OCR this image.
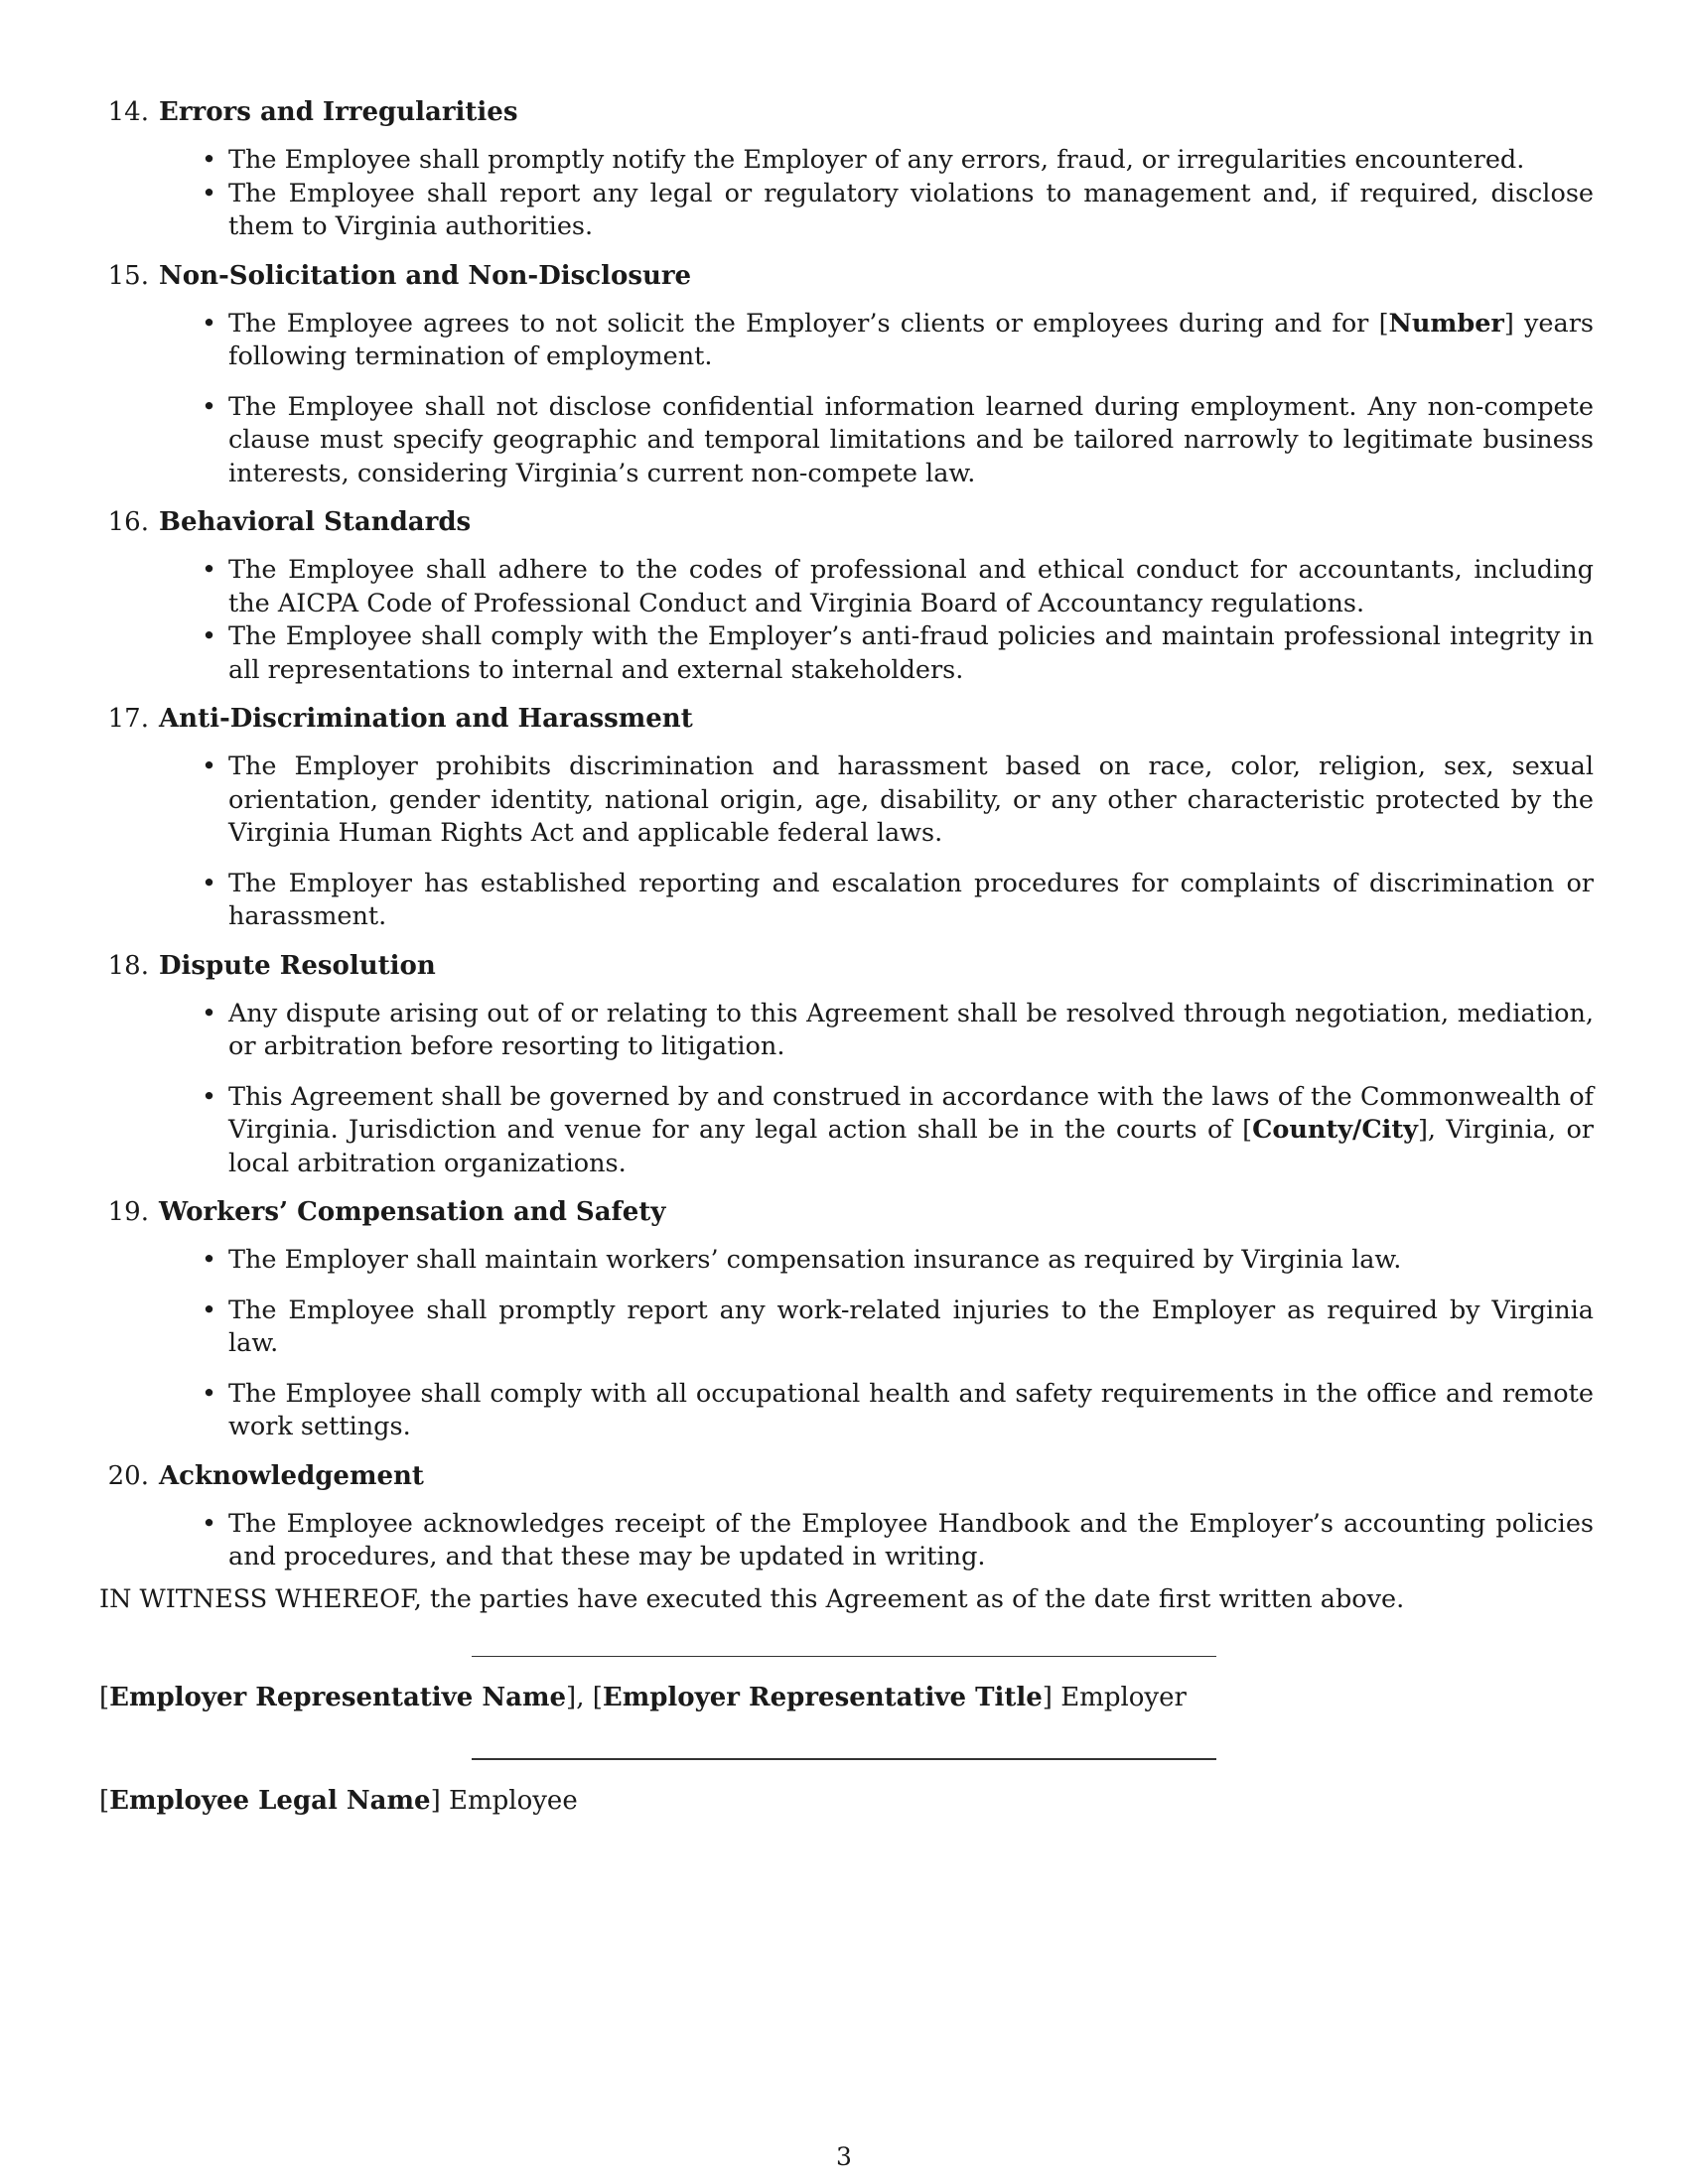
14. Errors and Irregularities
• The Employee shall promptly notify the Employer of any errors, fraud, or irregularities encountered.
• The Employee shall report any legal or regulatory violations to management and, if required, disclose them to Virginia authorities.
15. Non-Solicitation and Non-Disclosure
• The Employee agrees to not solicit the Employer’s clients or employees during and for [Number] years following termination of employment.
• The Employee shall not disclose confidential information learned during employment. Any non-compete clause must specify geographic and temporal limitations and be tailored narrowly to legitimate business interests, considering Virginia’s current non-compete law.
16. Behavioral Standards
• The Employee shall adhere to the codes of professional and ethical conduct for accountants, including the AICPA Code of Professional Conduct and Virginia Board of Accountancy regulations.
• The Employee shall comply with the Employer’s anti-fraud policies and maintain professional integrity in all representations to internal and external stakeholders.
17. Anti-Discrimination and Harassment
• The Employer prohibits discrimination and harassment based on race, color, religion, sex, sexual orientation, gender identity, national origin, age, disability, or any other characteristic protected by the Virginia Human Rights Act and applicable federal laws.
• The Employer has established reporting and escalation procedures for complaints of discrimination or harassment.
18. Dispute Resolution
• Any dispute arising out of or relating to this Agreement shall be resolved through negotiation, mediation, or arbitration before resorting to litigation.
• This Agreement shall be governed by and construed in accordance with the laws of the Commonwealth of Virginia. Jurisdiction and venue for any legal action shall be in the courts of [County/City], Virginia, or local arbitration organizations.
19. Workers’ Compensation and Safety
• The Employer shall maintain workers’ compensation insurance as required by Virginia law.
• The Employee shall promptly report any work-related injuries to the Employer as required by Virginia law.
• The Employee shall comply with all occupational health and safety requirements in the office and remote work settings.
20. Acknowledgement
• The Employee acknowledges receipt of the Employee Handbook and the Employer’s accounting policies and procedures, and that these may be updated in writing.
IN WITNESS WHEREOF, the parties have executed this Agreement as of the date first written above.
[Employer Representative Name], [Employer Representative Title] Employer
[Employee Legal Name] Employee
3
